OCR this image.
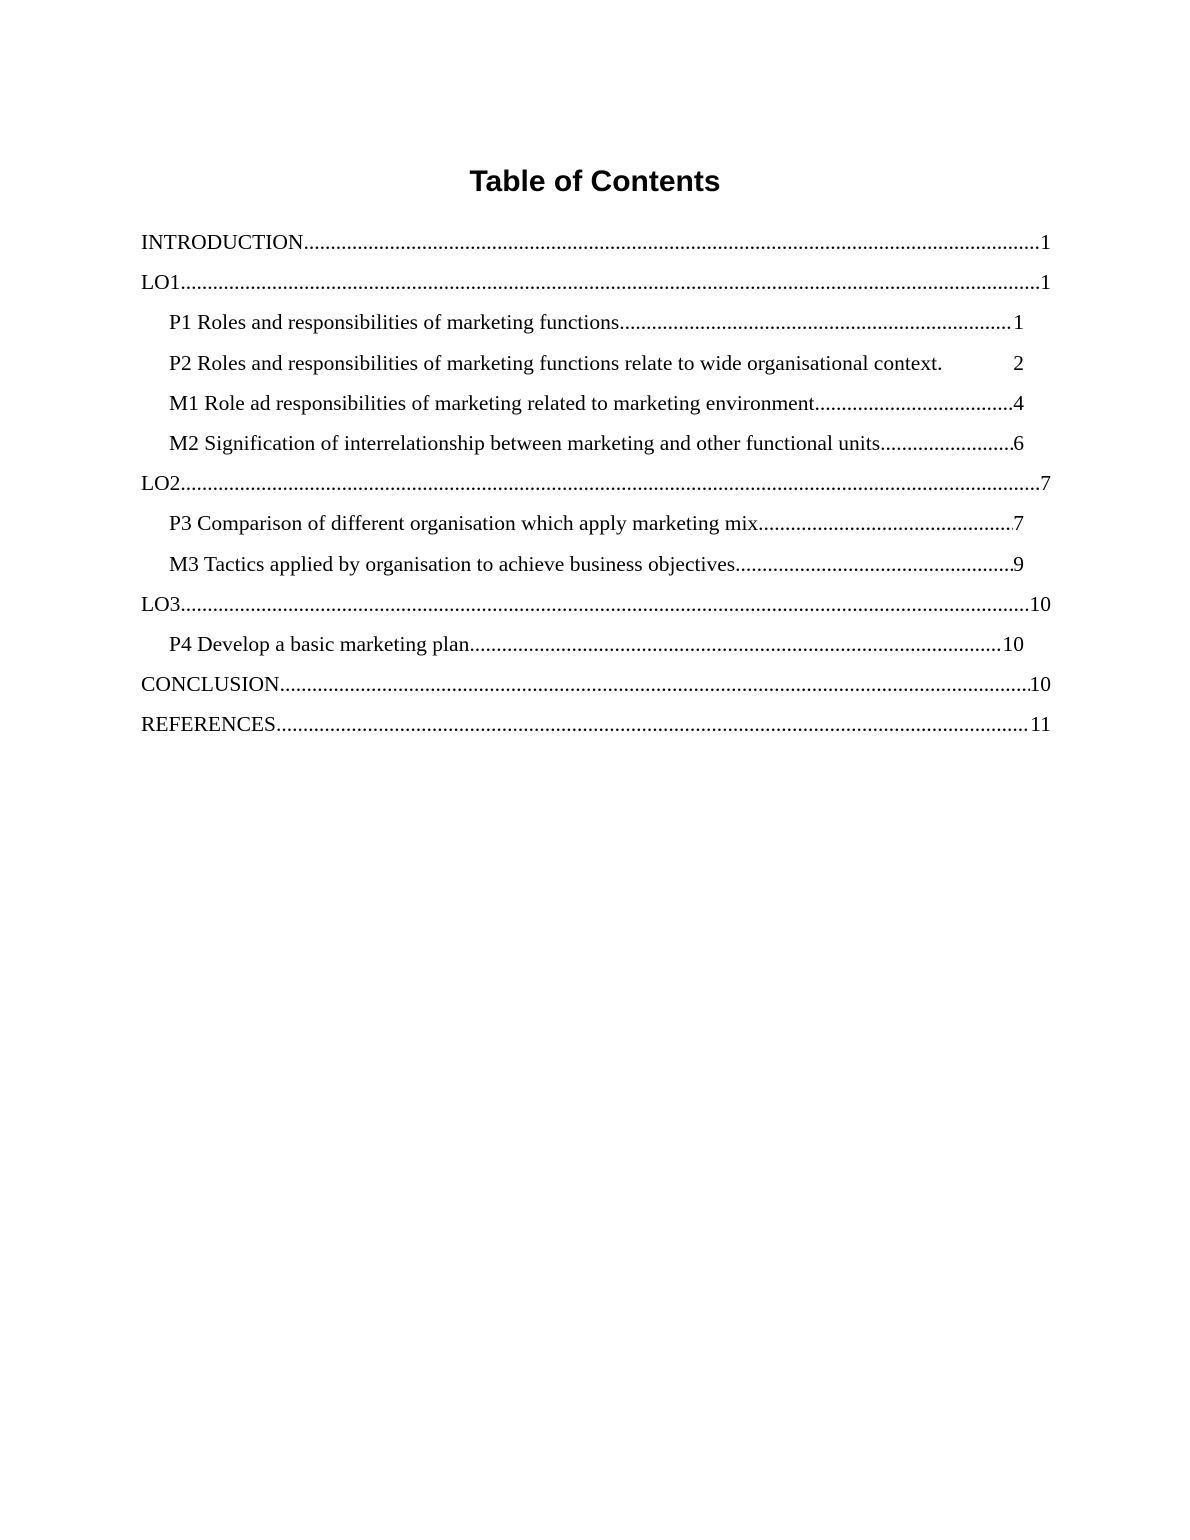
Table of Contents
INTRODUCTION .....	1
LO1 .....	1
P1 Roles and responsibilities of marketing functions .....	1
P2 Roles and responsibilities of marketing functions relate to wide organisational context.	2
M1 Role ad responsibilities of marketing related to marketing environment .....	4
M2 Signification of interrelationship between marketing and other functional units .....	6
LO2 .....	7
P3 Comparison of different organisation which apply marketing mix .....	7
M3 Tactics applied by organisation to achieve business objectives .....	9
LO3 .....	10
P4 Develop a basic marketing plan .....	10
CONCLUSION .....	10
REFERENCES .....	11
